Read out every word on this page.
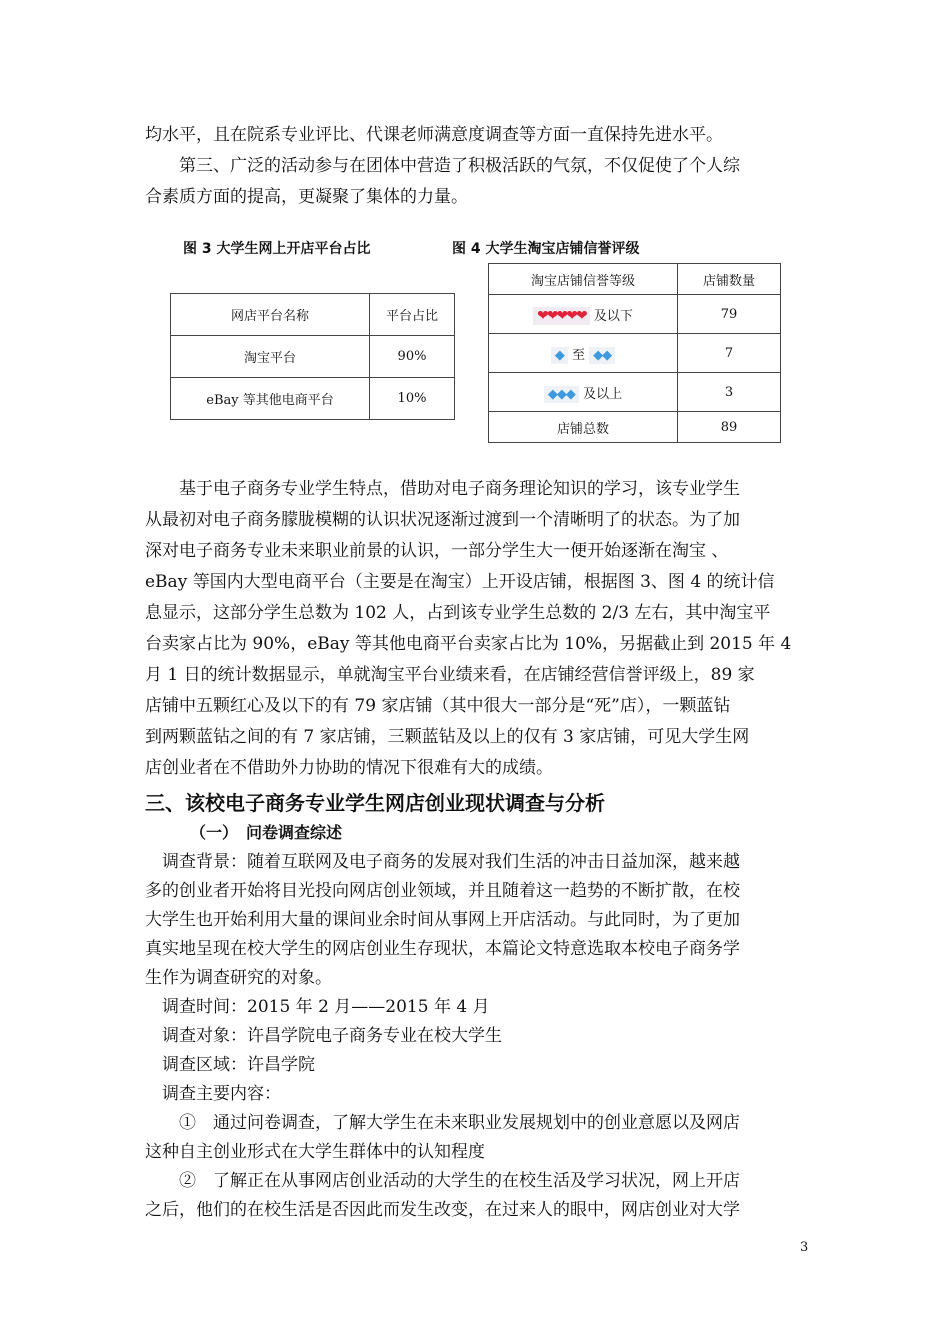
均水平，且在院系专业评比、代课老师满意度调查等方面一直保持先进水平。
　　第三、广泛的活动参与在团体中营造了积极活跃的气氛，不仅促使了个人综
合素质方面的提高，更凝聚了集体的力量。
图 3 大学生网上开店平台占比	图 4 大学生淘宝店铺信誉评级
网店平台名称	平台占比
淘宝平台	90%
eBay 等其他电商平台	10%
淘宝店铺信誉等级	店铺数量
❤❤❤❤❤ 及以下	79
◆ 至 ◆◆	7
◆◆◆ 及以上	3
店铺总数	89
　　基于电子商务专业学生特点，借助对电子商务理论知识的学习，该专业学生
从最初对电子商务朦胧模糊的认识状况逐渐过渡到一个清晰明了的状态。为了加
深对电子商务专业未来职业前景的认识，一部分学生大一便开始逐渐在淘宝 、
eBay 等国内大型电商平台（主要是在淘宝）上开设店铺，根据图 3、图 4 的统计信
息显示，这部分学生总数为 102 人，占到该专业学生总数的 2/3 左右，其中淘宝平
台卖家占比为 90%，eBay 等其他电商平台卖家占比为 10%，另据截止到 2015 年 4
月 1 日的统计数据显示，单就淘宝平台业绩来看，在店铺经营信誉评级上，89 家
店铺中五颗红心及以下的有 79 家店铺（其中很大一部分是“死”店），一颗蓝钻
到两颗蓝钻之间的有 7 家店铺，三颗蓝钻及以上的仅有 3 家店铺，可见大学生网
店创业者在不借助外力协助的情况下很难有大的成绩。
三、该校电子商务专业学生网店创业现状调查与分析
（一）　问卷调查综述
　调查背景：随着互联网及电子商务的发展对我们生活的冲击日益加深，越来越
多的创业者开始将目光投向网店创业领域，并且随着这一趋势的不断扩散，在校
大学生也开始利用大量的课间业余时间从事网上开店活动。与此同时，为了更加
真实地呈现在校大学生的网店创业生存现状，本篇论文特意选取本校电子商务学
生作为调查研究的对象。
　调查时间：2015 年 2 月——2015 年 4 月
　调查对象：许昌学院电子商务专业在校大学生
　调查区域：许昌学院
　调查主要内容：
　　①　通过问卷调查，了解大学生在未来职业发展规划中的创业意愿以及网店
这种自主创业形式在大学生群体中的认知程度
　　②　了解正在从事网店创业活动的大学生的在校生活及学习状况，网上开店
之后，他们的在校生活是否因此而发生改变，在过来人的眼中，网店创业对大学
3
